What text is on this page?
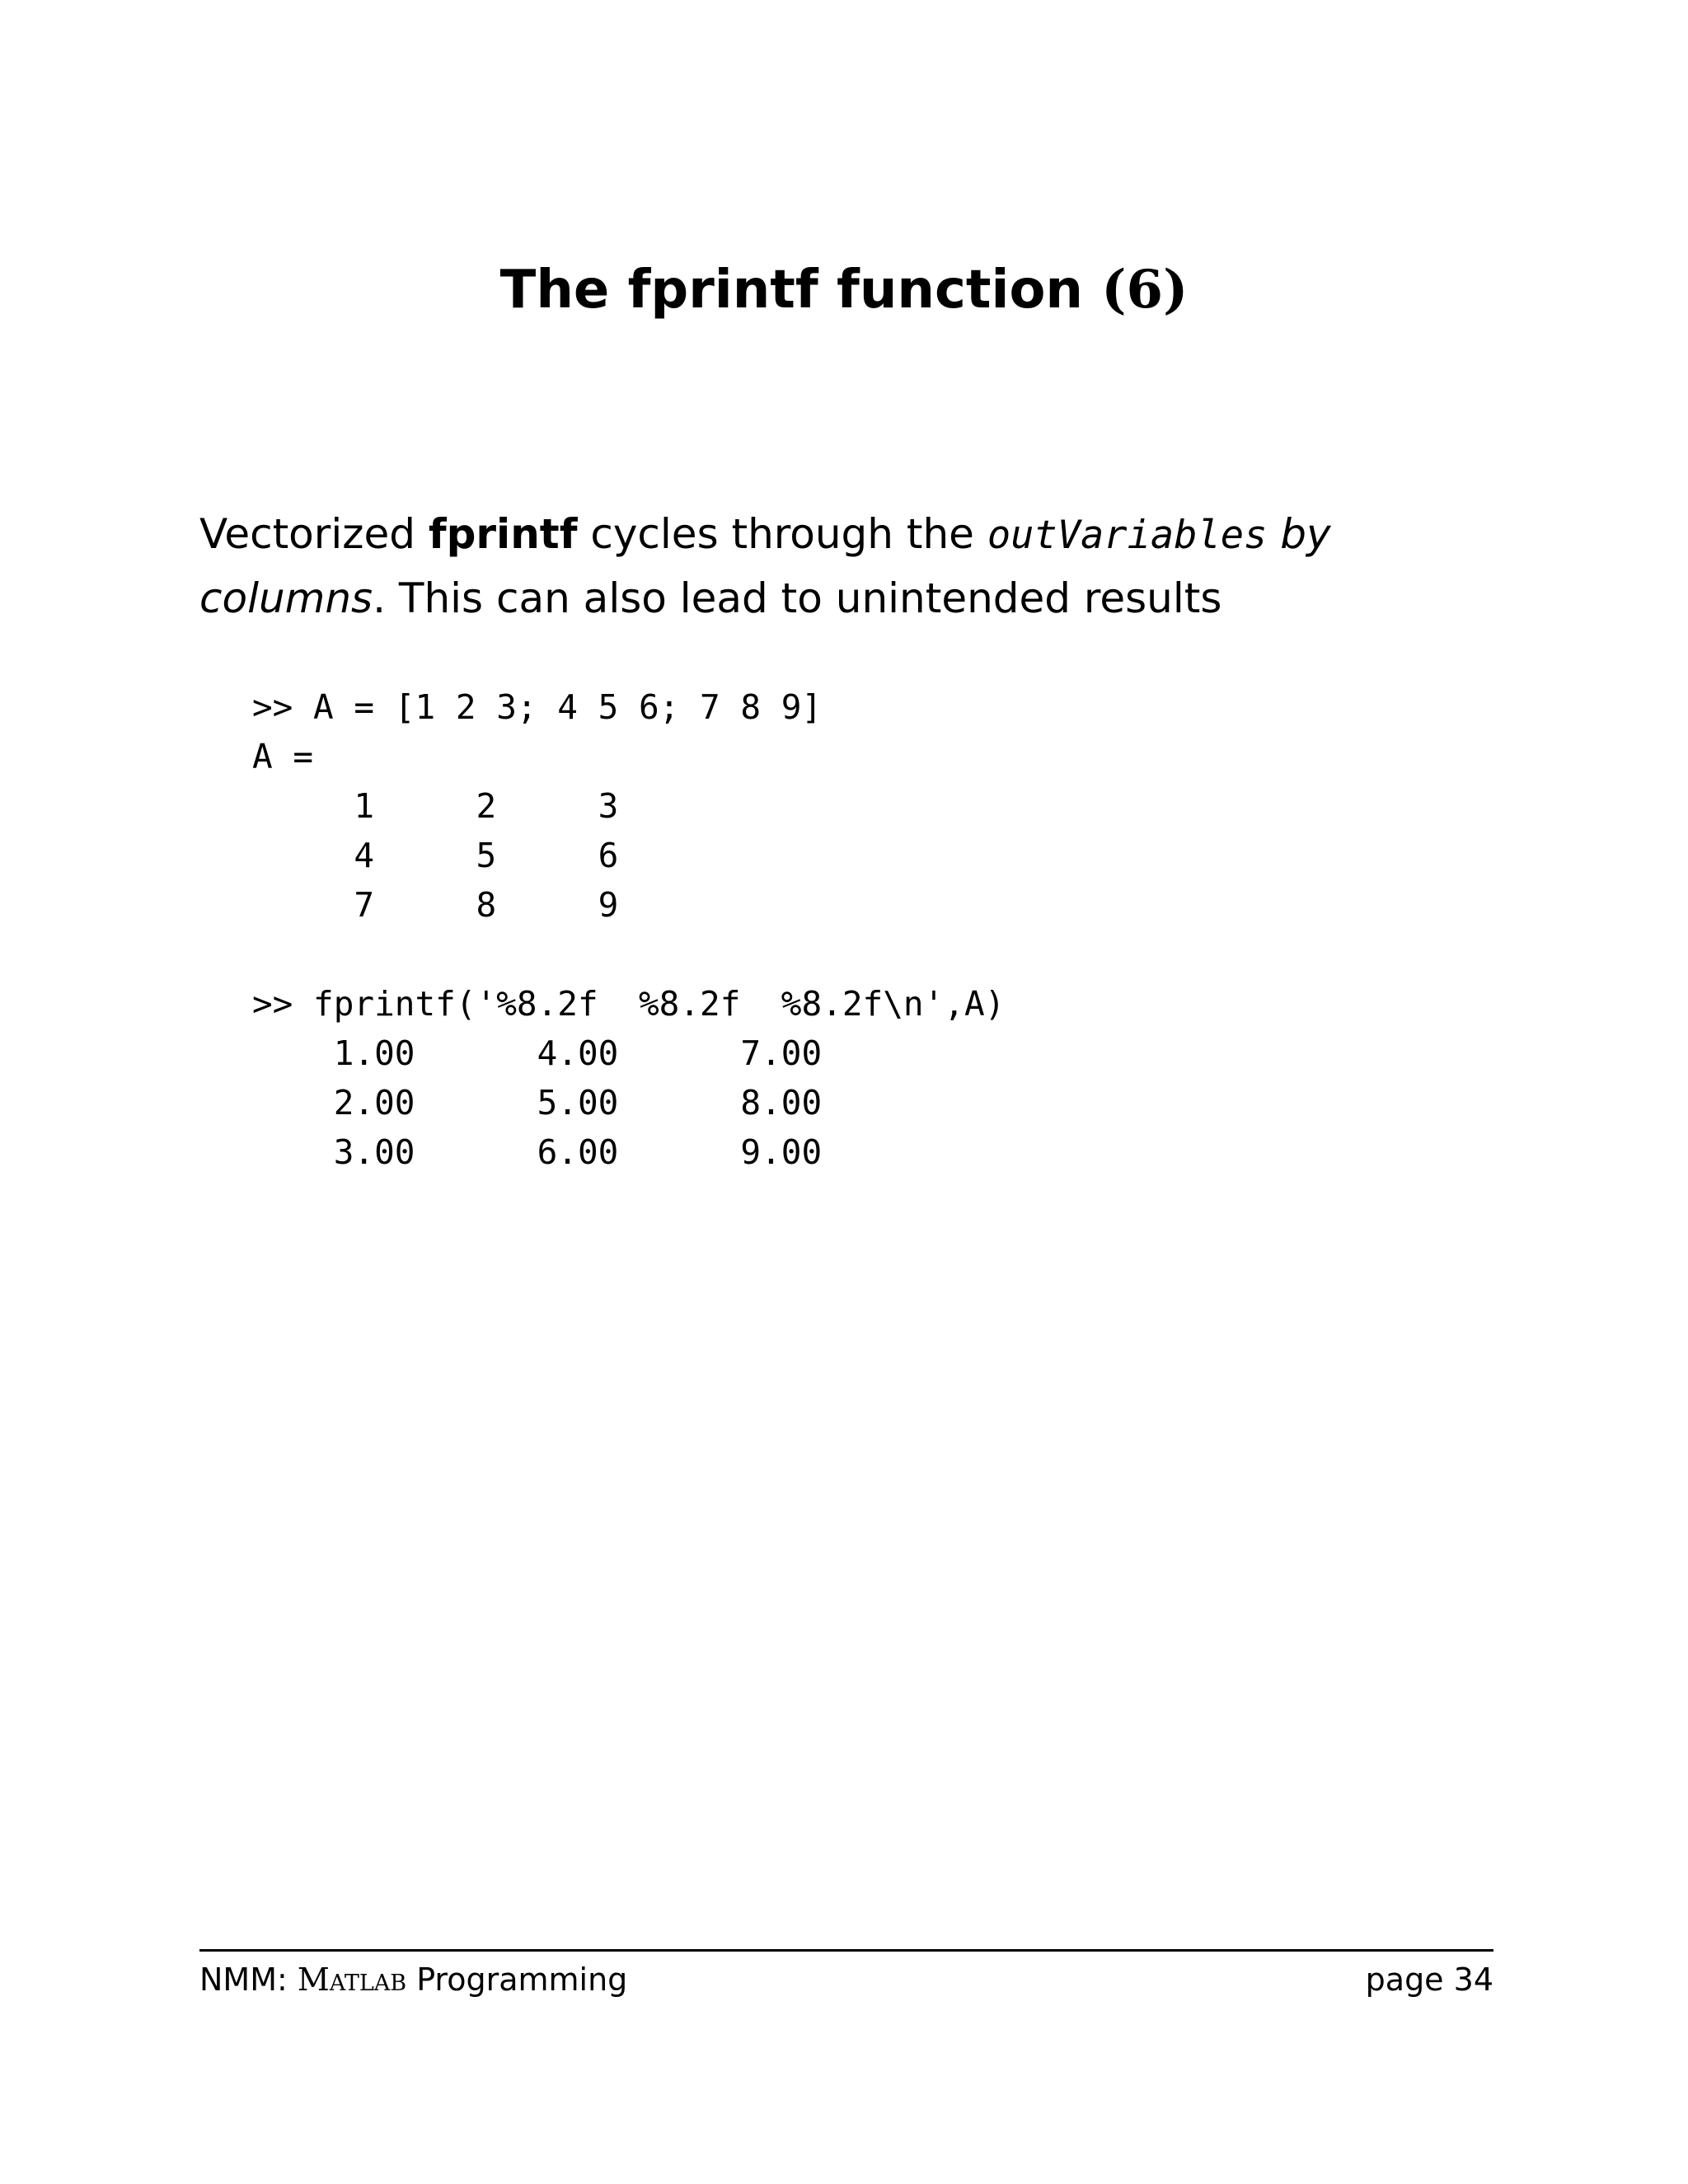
The fprintf function (6)
Vectorized fprintf cycles through the outVariables by columns. This can also lead to unintended results
>> A = [1 2 3; 4 5 6; 7 8 9]
A =
1     2     3
4     5     6
7     8     9
>> fprintf('%8.2f  %8.2f  %8.2f\n',A)
1.00      4.00      7.00
2.00      5.00      8.00
3.00      6.00      9.00
NMM: Matlab Programming	page 34
